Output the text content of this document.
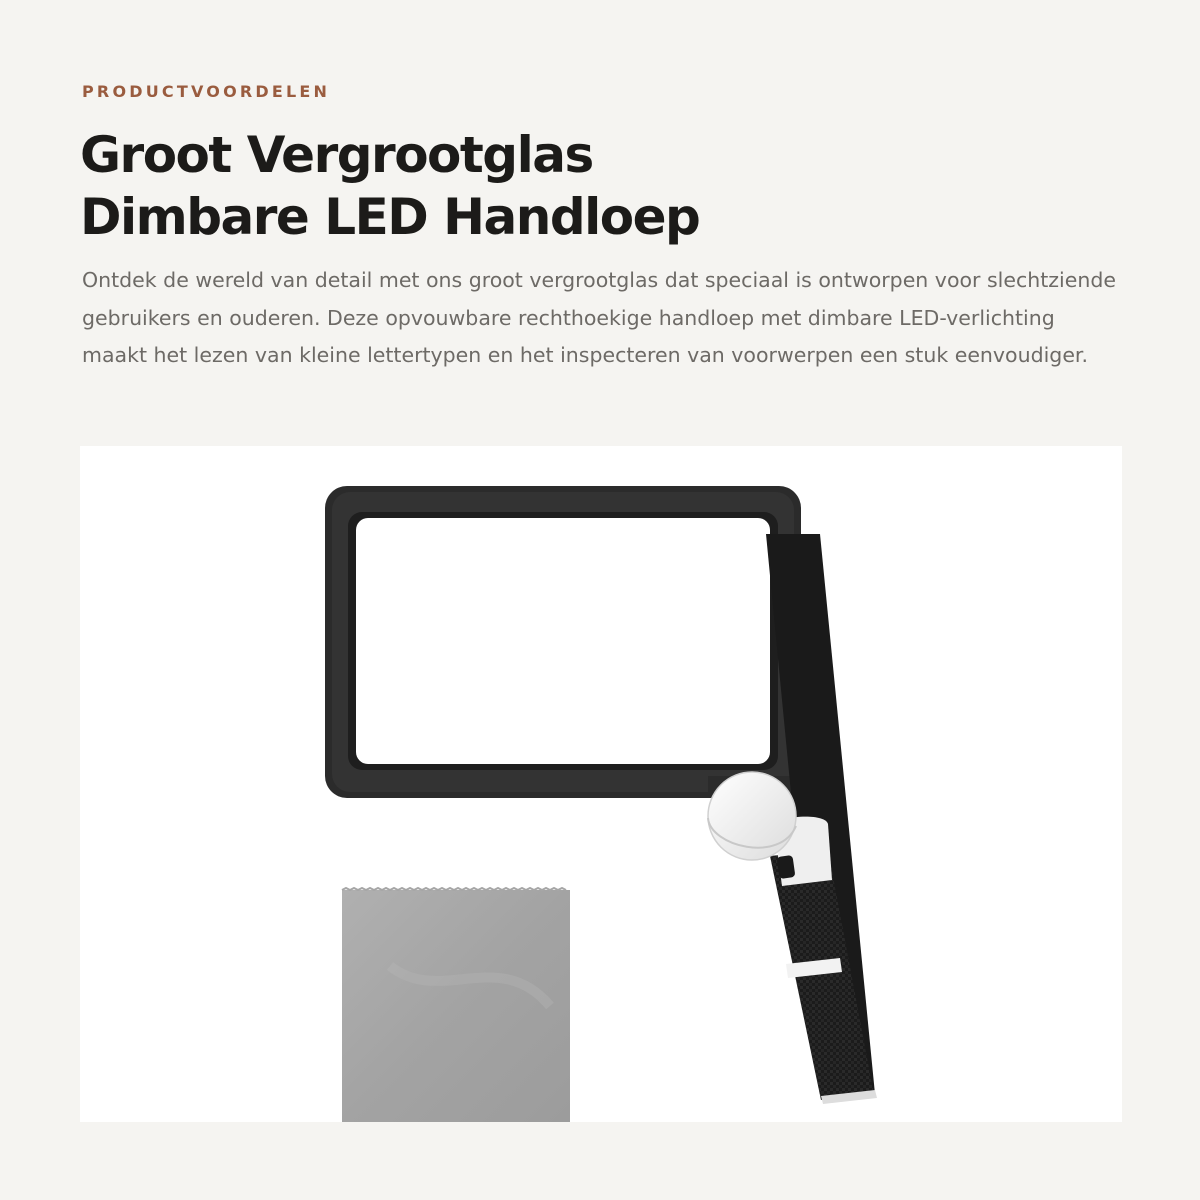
PRODUCTVOORDELEN
Groot Vergrootglas
Dimbare LED Handloep

Ontdek de wereld van detail met ons groot vergrootglas dat speciaal is ontworpen voor slechtziende gebruikers en ouderen. Deze opvouwbare rechthoekige handloep met dimbare LED-verlichting maakt het lezen van kleine lettertypen en het inspecteren van voorwerpen een stuk eenvoudiger.
